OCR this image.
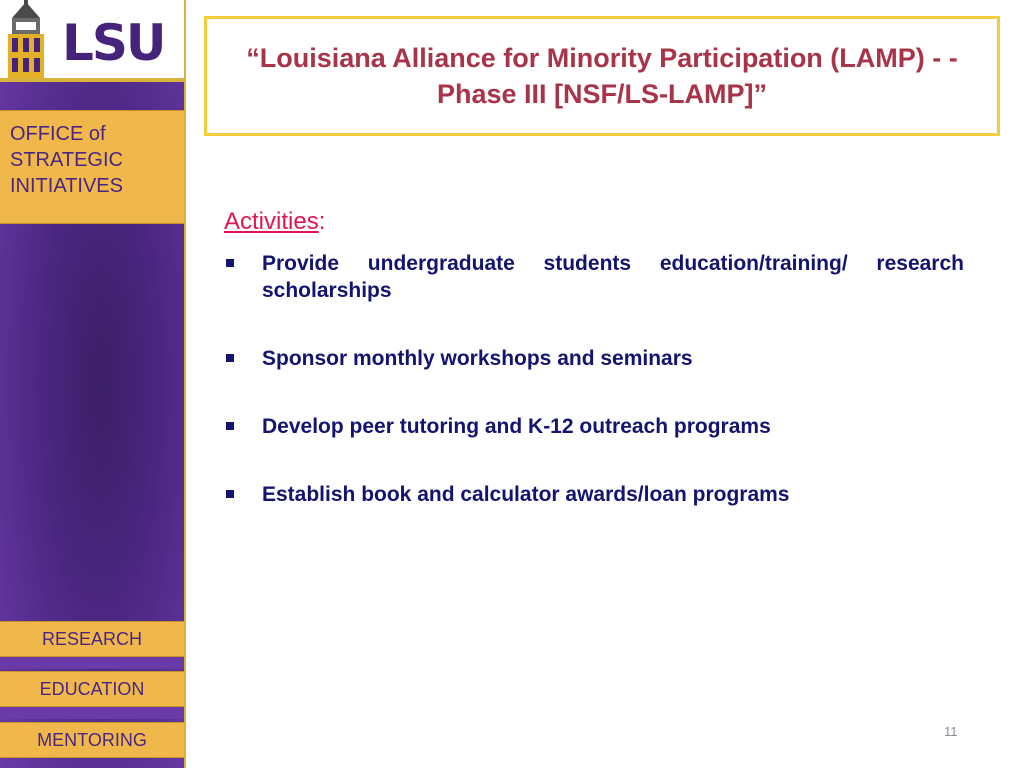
LSU
OFFICE of
STRATEGIC
INITIATIVES
RESEARCH
EDUCATION
MENTORING
“Louisiana Alliance for Minority Participation (LAMP) - - Phase III [NSF/LS-LAMP]”
Activities:
Provide undergraduate students education/training/ research scholarships
Sponsor monthly workshops and seminars
Develop peer tutoring and K-12 outreach programs
Establish book and calculator awards/loan programs
11
